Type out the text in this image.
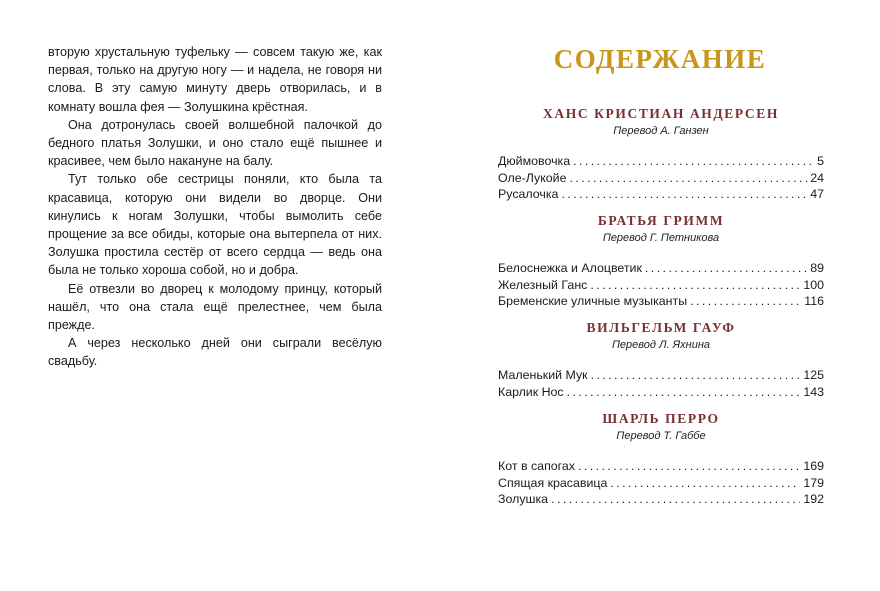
вторую хрустальную туфельку — совсем такую же, как первая, только на другую ногу — и надела, не говоря ни слова. В эту самую минуту дверь отворилась, и в комнату вошла фея — Золушкина крёстная.

Она дотронулась своей волшебной палочкой до бедного платья Золушки, и оно стало ещё пышнее и красивее, чем было накануне на балу.

Тут только обе сестрицы поняли, кто была та красавица, которую они видели во дворце. Они кинулись к ногам Золушки, чтобы вымолить себе прощение за все обиды, которые она вытерпела от них. Золушка простила сестёр от всего сердца — ведь она была не только хороша собой, но и добра.

Её отвезли во дворец к молодому принцу, который нашёл, что она стала ещё прелестнее, чем была прежде.

А через несколько дней они сыграли весёлую свадьбу.

СОДЕРЖАНИЕ
ХАНС КРИСТИАН АНДЕРСЕН
Перевод А. Ганзен
Дюймовочка . . .	5
Оле-Лукойе . . .	24
Русалочка . . .	47
БРАТЬЯ ГРИММ
Перевод Г. Петникова
Белоснежка и Алоцветик . . .	89
Железный Ганс . . .	100
Бременские уличные музыканты . . .	116
ВИЛЬГЕЛЬМ ГАУФ
Перевод Л. Яхнина
Маленький Мук . . .	125
Карлик Нос . . .	143
ШАРЛЬ ПЕРРО
Перевод Т. Габбе
Кот в сапогах . . .	169
Спящая красавица . . .	179
Золушка . . .	192
